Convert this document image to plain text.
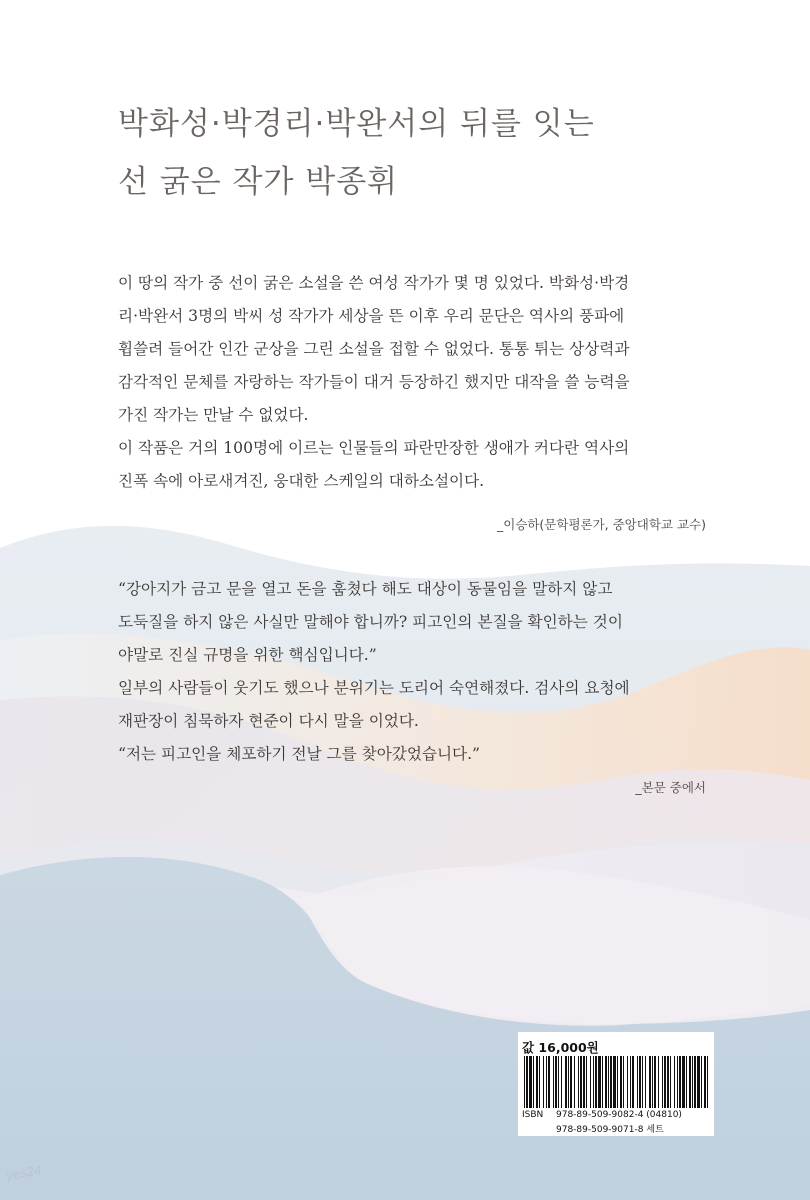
박화성·박경리·박완서의 뒤를 잇는
선 굵은 작가 박종휘
이 땅의 작가 중 선이 굵은 소설을 쓴 여성 작가가 몇 명 있었다. 박화성·박경
리·박완서 3명의 박씨 성 작가가 세상을 뜬 이후 우리 문단은 역사의 풍파에
휩쓸려 들어간 인간 군상을 그린 소설을 접할 수 없었다. 통통 튀는 상상력과
감각적인 문체를 자랑하는 작가들이 대거 등장하긴 했지만 대작을 쓸 능력을
가진 작가는 만날 수 없었다.
이 작품은 거의 100명에 이르는 인물들의 파란만장한 생애가 커다란 역사의
진폭 속에 아로새겨진, 웅대한 스케일의 대하소설이다.
_이승하(문학평론가, 중앙대학교 교수)
“강아지가 금고 문을 열고 돈을 훔쳤다 해도 대상이 동물임을 말하지 않고
도둑질을 하지 않은 사실만 말해야 합니까? 피고인의 본질을 확인하는 것이
야말로 진실 규명을 위한 핵심입니다.”
일부의 사람들이 웃기도 했으나 분위기는 도리어 숙연해졌다. 검사의 요청에
재판장이 침묵하자 현준이 다시 말을 이었다.
“저는 피고인을 체포하기 전날 그를 찾아갔었습니다.”
_본문 중에서
값 16,000원
ISBN 978-89-509-9082-4 (04810)
978-89-509-9071-8 세트
yes24
